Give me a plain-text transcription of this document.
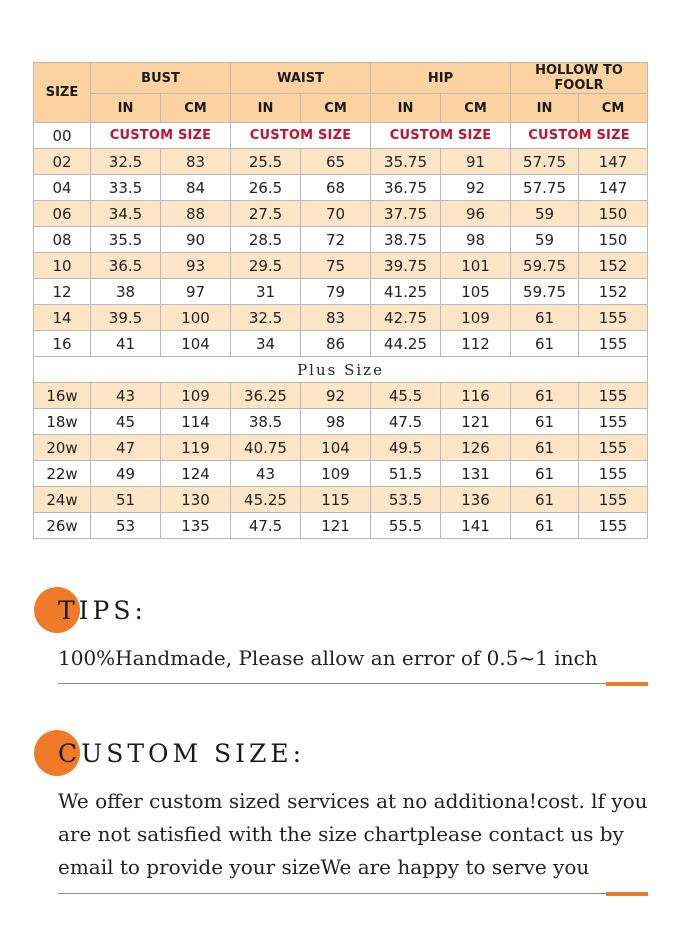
SIZE	BUST		WAIST		HIP		HOLLOW TO FOOLR	
	IN	CM	IN	CM	IN	CM	IN	CM
00	CUSTOM SIZE		CUSTOM SIZE		CUSTOM SIZE		CUSTOM SIZE	
02	32.5	83	25.5	65	35.75	91	57.75	147
04	33.5	84	26.5	68	36.75	92	57.75	147
06	34.5	88	27.5	70	37.75	96	59	150
08	35.5	90	28.5	72	38.75	98	59	150
10	36.5	93	29.5	75	39.75	101	59.75	152
12	38	97	31	79	41.25	105	59.75	152
14	39.5	100	32.5	83	42.75	109	61	155
16	41	104	34	86	44.25	112	61	155
Plus Size								
16w	43	109	36.25	92	45.5	116	61	155
18w	45	114	38.5	98	47.5	121	61	155
20w	47	119	40.75	104	49.5	126	61	155
22w	49	124	43	109	51.5	131	61	155
24w	51	130	45.25	115	53.5	136	61	155
26w	53	135	47.5	121	55.5	141	61	155
TIPS:

100%Handmade, Please allow an error of 0.5~1 inch

CUSTOM SIZE:

We offer custom sized services at no additiona!cost. lf you are not satisfied with the size chartplease contact us by email to provide your sizeWe are happy to serve you
